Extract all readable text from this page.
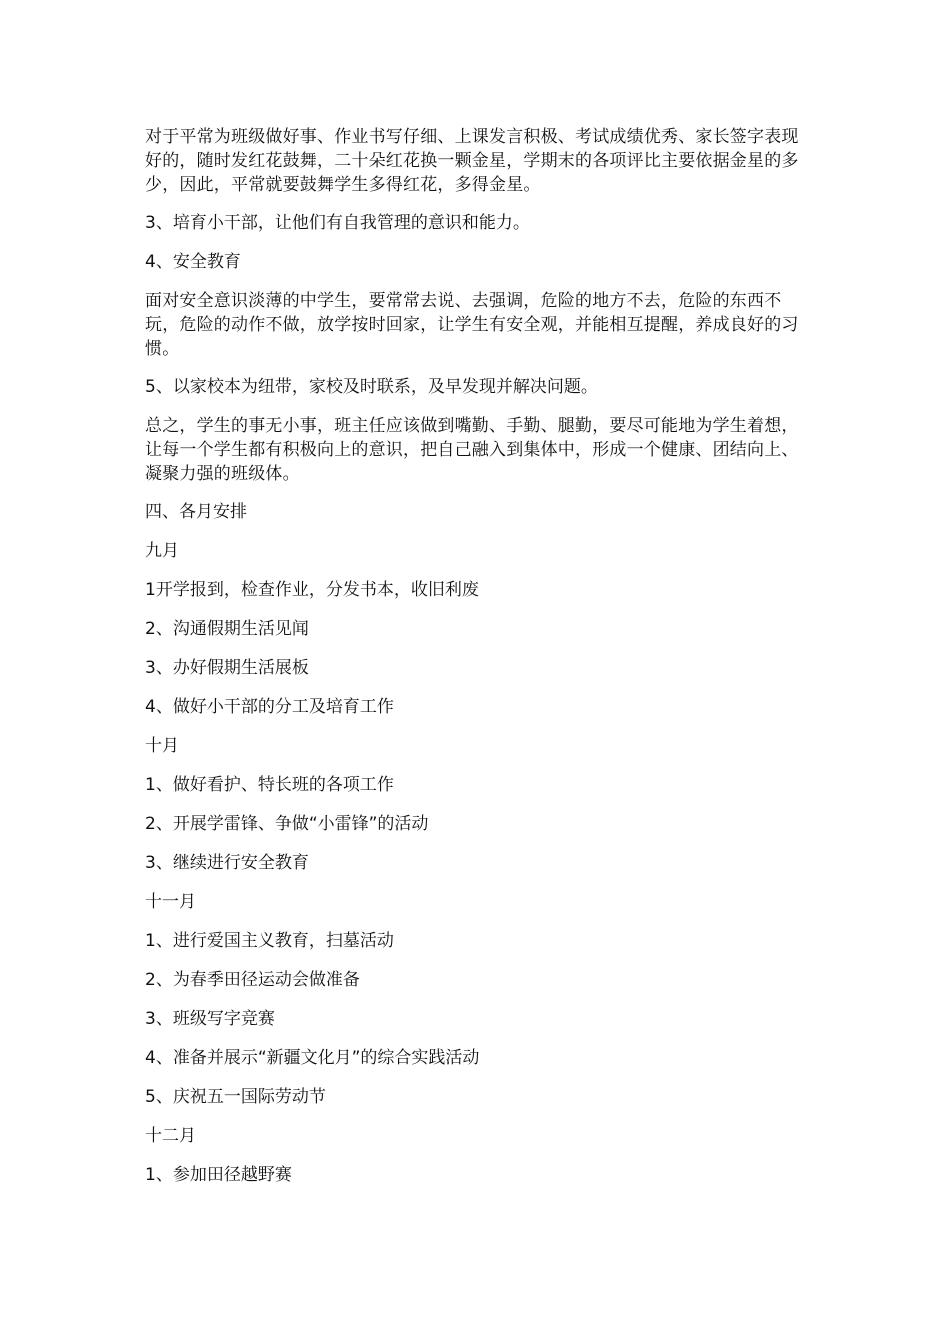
对于平常为班级做好事、作业书写仔细、上课发言积极、考试成绩优秀、家长签字表现好的，随时发红花鼓舞，二十朵红花换一颗金星，学期末的各项评比主要依据金星的多少，因此，平常就要鼓舞学生多得红花，多得金星。

3、培育小干部，让他们有自我管理的意识和能力。

4、安全教育

面对安全意识淡薄的中学生，要常常去说、去强调，危险的地方不去，危险的东西不玩，危险的动作不做，放学按时回家，让学生有安全观，并能相互提醒，养成良好的习惯。

5、以家校本为纽带，家校及时联系，及早发现并解决问题。

总之，学生的事无小事，班主任应该做到嘴勤、手勤、腿勤，要尽可能地为学生着想，让每一个学生都有积极向上的意识，把自己融入到集体中，形成一个健康、团结向上、凝聚力强的班级体。

四、各月安排

九月

1开学报到，检查作业，分发书本，收旧利废

2、沟通假期生活见闻

3、办好假期生活展板

4、做好小干部的分工及培育工作

十月

1、做好看护、特长班的各项工作

2、开展学雷锋、争做“小雷锋”的活动

3、继续进行安全教育

十一月

1、进行爱国主义教育，扫墓活动

2、为春季田径运动会做准备

3、班级写字竞赛

4、准备并展示“新疆文化月”的综合实践活动

5、庆祝五一国际劳动节

十二月

1、参加田径越野赛
